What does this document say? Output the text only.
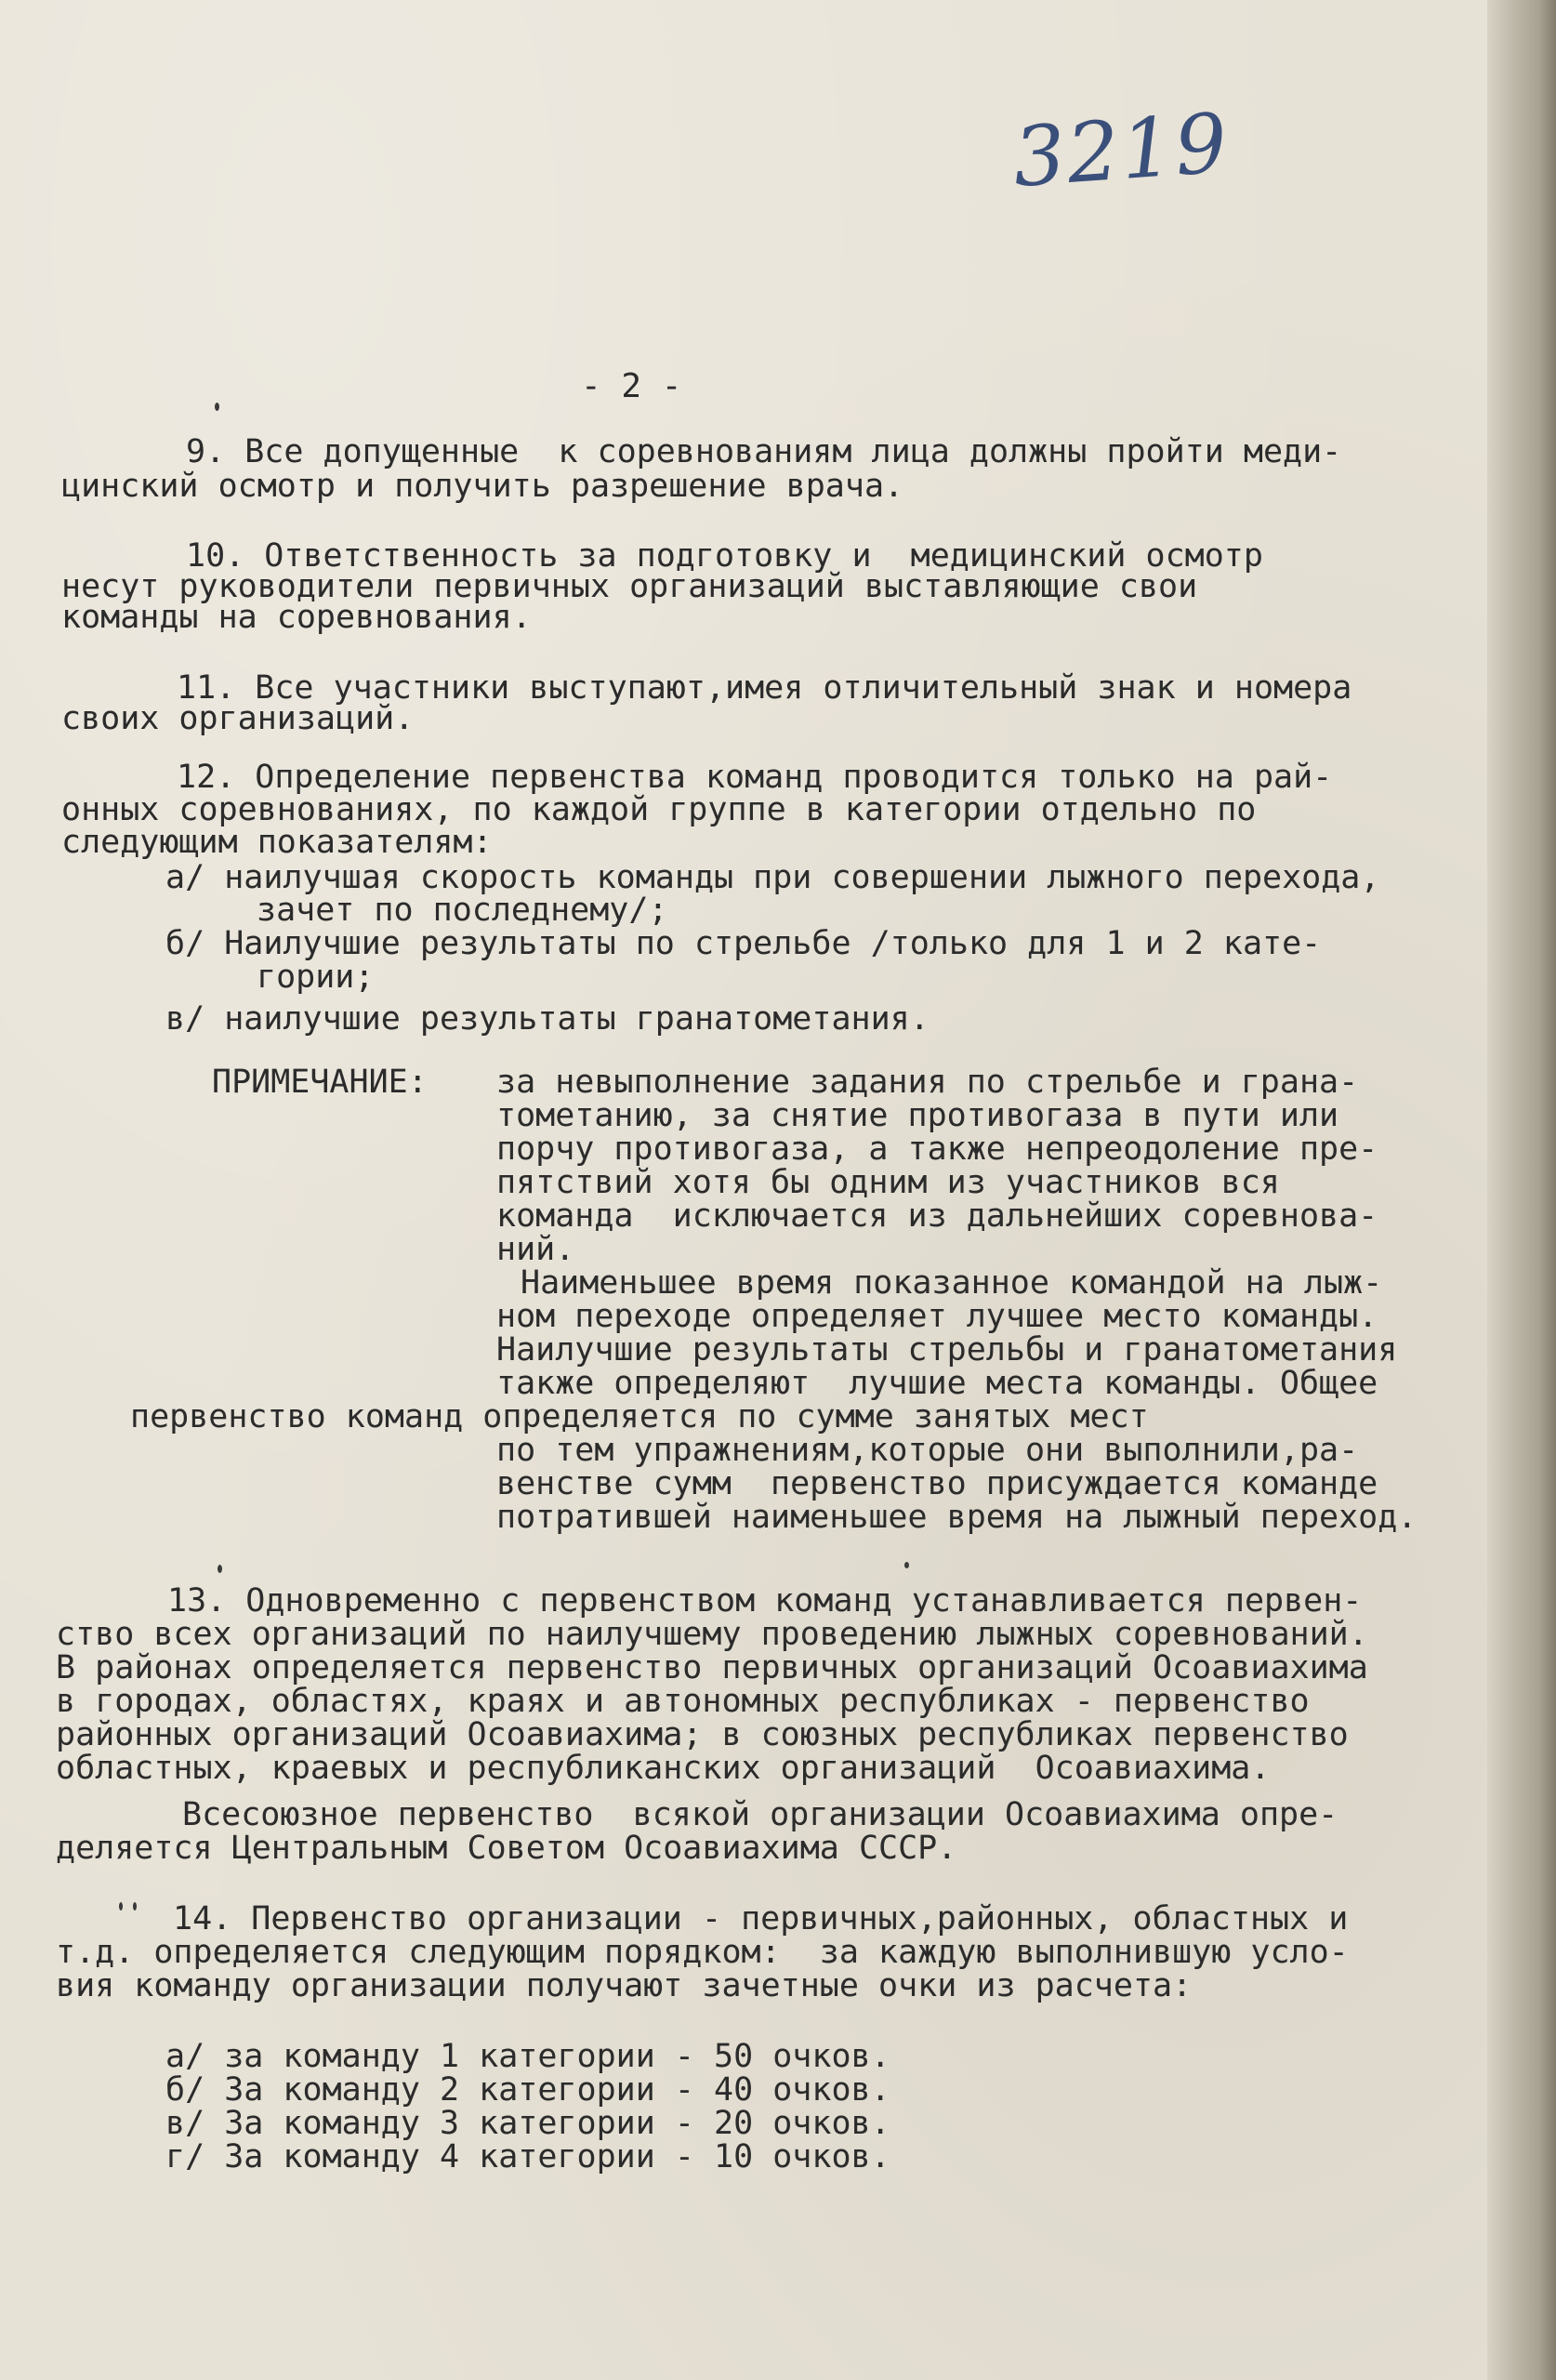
3219
- 2 -
9. Все допущенные  к соревнованиям лица должны пройти меди-
цинский осмотр и получить разрешение врача.
10. Ответственность за подготовку и  медицинский осмотр
несут руководители первичных организаций выставляющие свои
команды на соревнования.
11. Все участники выступают,имея отличительный знак и номера
своих организаций.
12. Определение первенства команд проводится только на рай-
онных соревнованиях, по каждой группе в категории отдельно по
следующим показателям:
а/ наилучшая скорость команды при совершении лыжного перехода,
зачет по последнему/;
б/ Наилучшие результаты по стрельбе /только для 1 и 2 кате-
гории;
в/ наилучшие результаты гранатометания.
ПРИМЕЧАНИЕ: за невыполнение задания по стрельбе и грана-
тометанию, за снятие противогаза в пути или
порчу противогаза, а также непреодоление пре-
пятствий хотя бы одним из участников вся
команда  исключается из дальнейших соревнова-
ний.
Наименьшее время показанное командой на лыж-
ном переходе определяет лучшее место команды.
Наилучшие результаты стрельбы и гранатометания
также определяют  лучшие места команды. Общее
первенство команд определяется по сумме занятых мест
по тем упражнениям,которые они выполнили,ра-
венстве сумм  первенство присуждается команде
потратившей наименьшее время на лыжный переход.
13. Одновременно с первенством команд устанавливается первен-
ство всех организаций по наилучшему проведению лыжных соревнований.
В районах определяется первенство первичных организаций Осоавиахима
в городах, областях, краях и автономных республиках - первенство
районных организаций Осоавиахима; в союзных республиках первенство
областных, краевых и республиканских организаций  Осоавиахима.
Всесоюзное первенство  всякой организации Осоавиахима опре-
деляется Центральным Советом Осоавиахима СССР.
14. Первенство организации - первичных,районных, областных и
т.д. определяется следующим порядком:  за каждую выполнившую усло-
вия команду организации получают зачетные очки из расчета:
а/ за команду 1 категории - 50 очков.
б/ За команду 2 категории - 40 очков.
в/ За команду 3 категории - 20 очков.
г/ За команду 4 категории - 10 очков.
